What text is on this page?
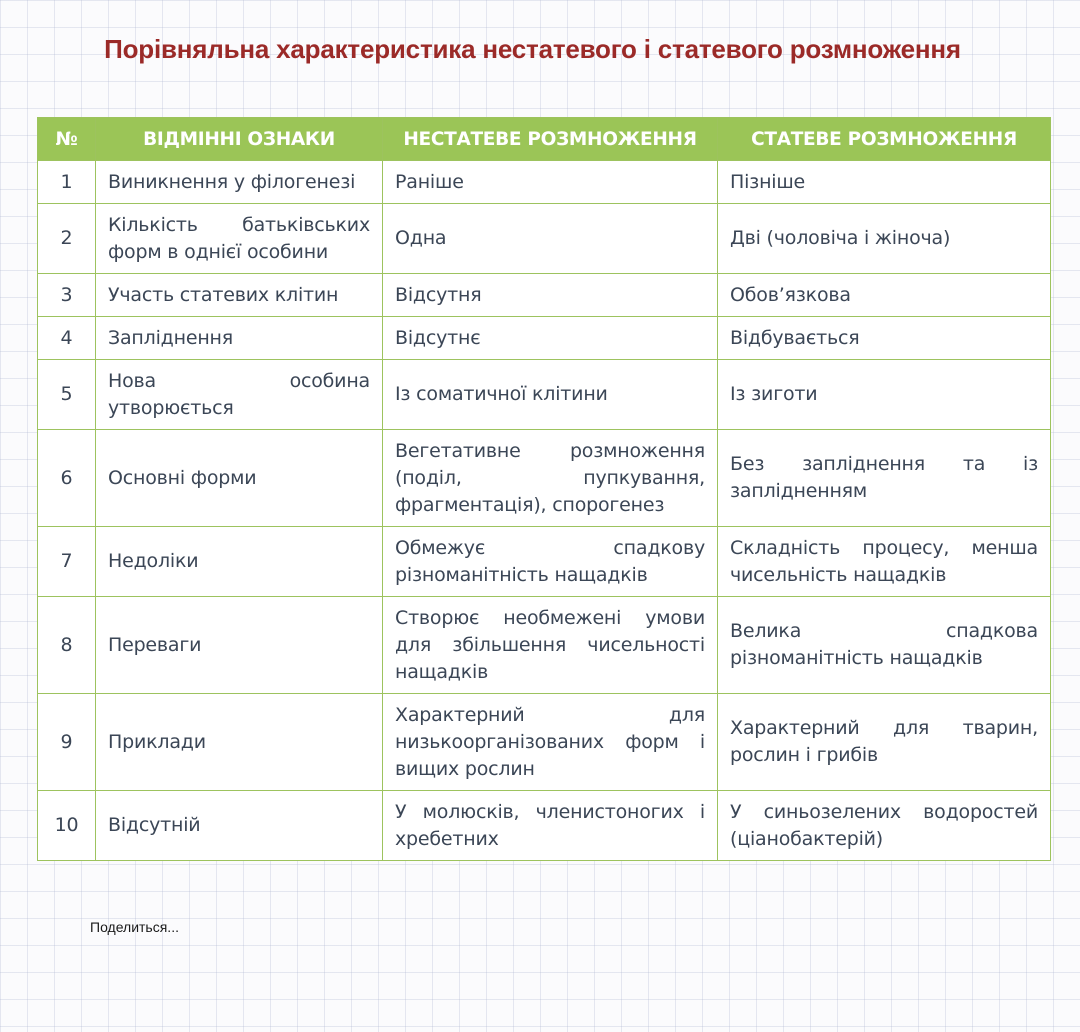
Порівняльна характеристика нестатевого і статевого розмноження
№	ВІДМІННІ ОЗНАКИ	НЕСТАТЕВЕ РОЗМНОЖЕННЯ	СТАТЕВЕ РОЗМНОЖЕННЯ
1	Виникнення у філогенезі	Раніше	Пізніше
2	Кількість батьківських форм в однієї особини	Одна	Дві (чоловіча і жіноча)
3	Участь статевих клітин	Відсутня	Обов’язкова
4	Запліднення	Відсутнє	Відбувається
5	Нова особина утворюється	Із соматичної клітини	Із зиготи
6	Основні форми	Вегетативне розмноження (поділ, пупкування, фрагментація), спорогенез	Без запліднення та із заплідненням
7	Недоліки	Обмежує спадкову різноманітність нащадків	Складність процесу, менша чисельність нащадків
8	Переваги	Створює необмежені умови для збільшення чисельності нащадків	Велика спадкова різноманітність нащадків
9	Приклади	Характерний для низькоорганізованих форм і вищих рослин	Характерний для тварин, рослин і грибів
10	Відсутній	У молюсків, членистоногих і хребетних	У синьозелених водоростей (ціанобактерій)
Поделиться...
